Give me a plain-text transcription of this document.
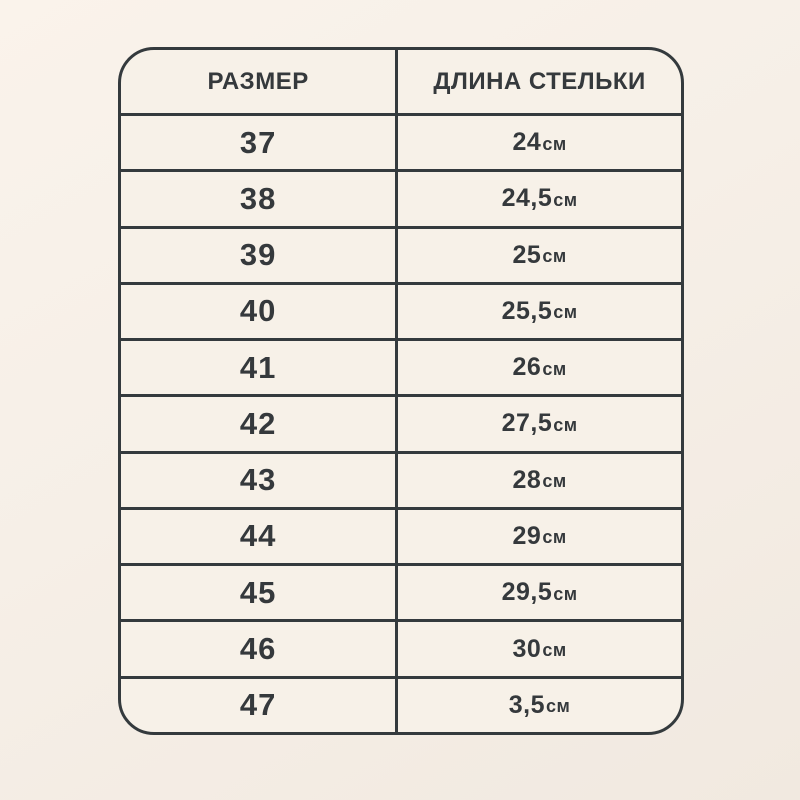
РАЗМЕР	ДЛИНА СТЕЛЬКИ
37	24 см
38	24,5 см
39	25 см
40	25,5 см
41	26 см
42	27,5 см
43	28 см
44	29 см
45	29,5 см
46	30 см
47	3,5 см
